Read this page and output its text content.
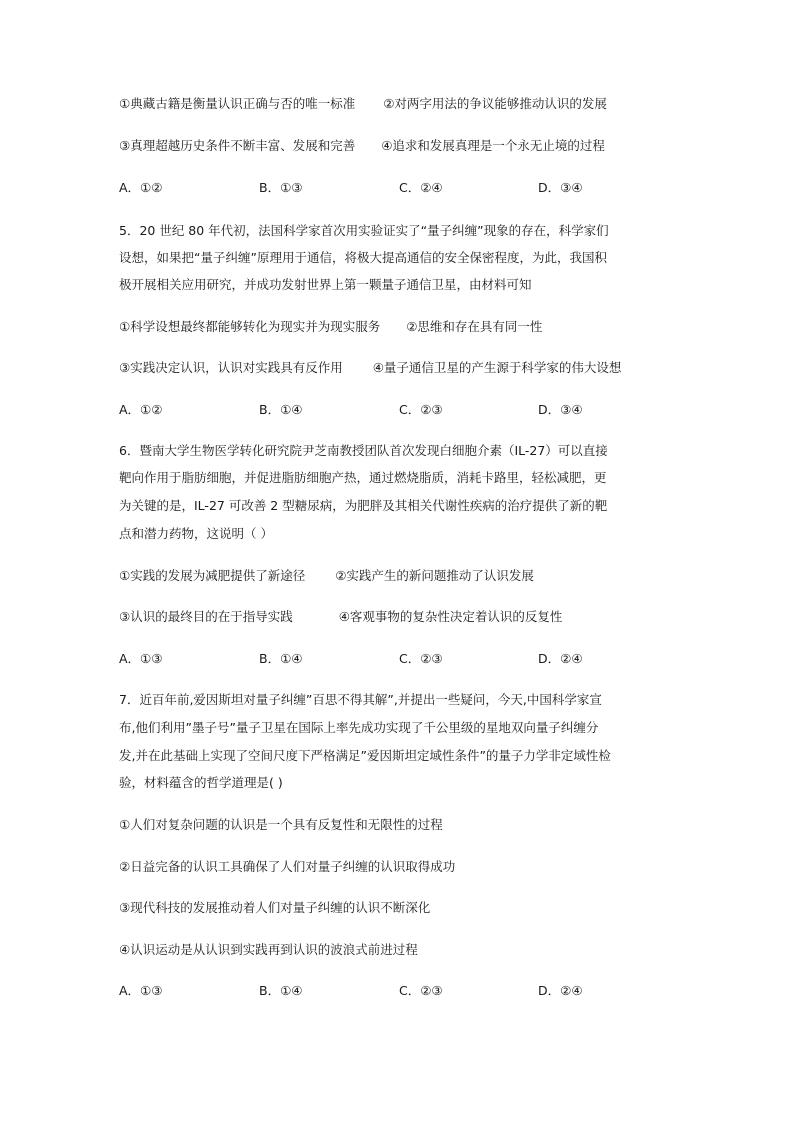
①典藏古籍是衡量认识正确与否的唯一标准 ②对两字用法的争议能够推动认识的发展
③真理超越历史条件不断丰富、发展和完善 ④追求和发展真理是一个永无止境的过程
A．①②	B．①③	C．②④	D．③④
5．20 世纪 80 年代初，法国科学家首次用实验证实了“量子纠缠”现象的存在，科学家们
设想，如果把“量子纠缠”原理用于通信，将极大提高通信的安全保密程度，为此，我国积
极开展相关应用研究，并成功发射世界上第一颗量子通信卫星，由材料可知
①科学设想最终都能够转化为现实并为现实服务 ②思维和存在具有同一性
③实践决定认识，认识对实践具有反作用 ④量子通信卫星的产生源于科学家的伟大设想
A．①②	B．①④	C．②③	D．③④
6．暨南大学生物医学转化研究院尹芝南教授团队首次发现白细胞介素（IL-27）可以直接
靶向作用于脂肪细胞，并促进脂肪细胞产热，通过燃烧脂质，消耗卡路里，轻松减肥，更
为关键的是，IL-27 可改善 2 型糖尿病，为肥胖及其相关代谢性疾病的治疗提供了新的靶
点和潜力药物，这说明（ ）
①实践的发展为减肥提供了新途径 ②实践产生的新问题推动了认识发展
③认识的最终目的在于指导实践	④客观事物的复杂性决定着认识的反复性
A．①③	B．①④	C．②③	D．②④
7．近百年前,爱因斯坦对量子纠缠”百思不得其解”,并提出一些疑问，今天,中国科学家宣
布,他们利用”墨子号”量子卫星在国际上率先成功实现了千公里级的星地双向量子纠缠分
发,并在此基础上实现了空间尺度下严格满足”爱因斯坦定域性条件”的量子力学非定域性检
验，材料蕴含的哲学道理是( )
①人们对复杂问题的认识是一个具有反复性和无限性的过程
②日益完备的认识工具确保了人们对量子纠缠的认识取得成功
③现代科技的发展推动着人们对量子纠缠的认识不断深化
④认识运动是从认识到实践再到认识的波浪式前进过程
A．①③	B．①④	C．②③	D．②④
